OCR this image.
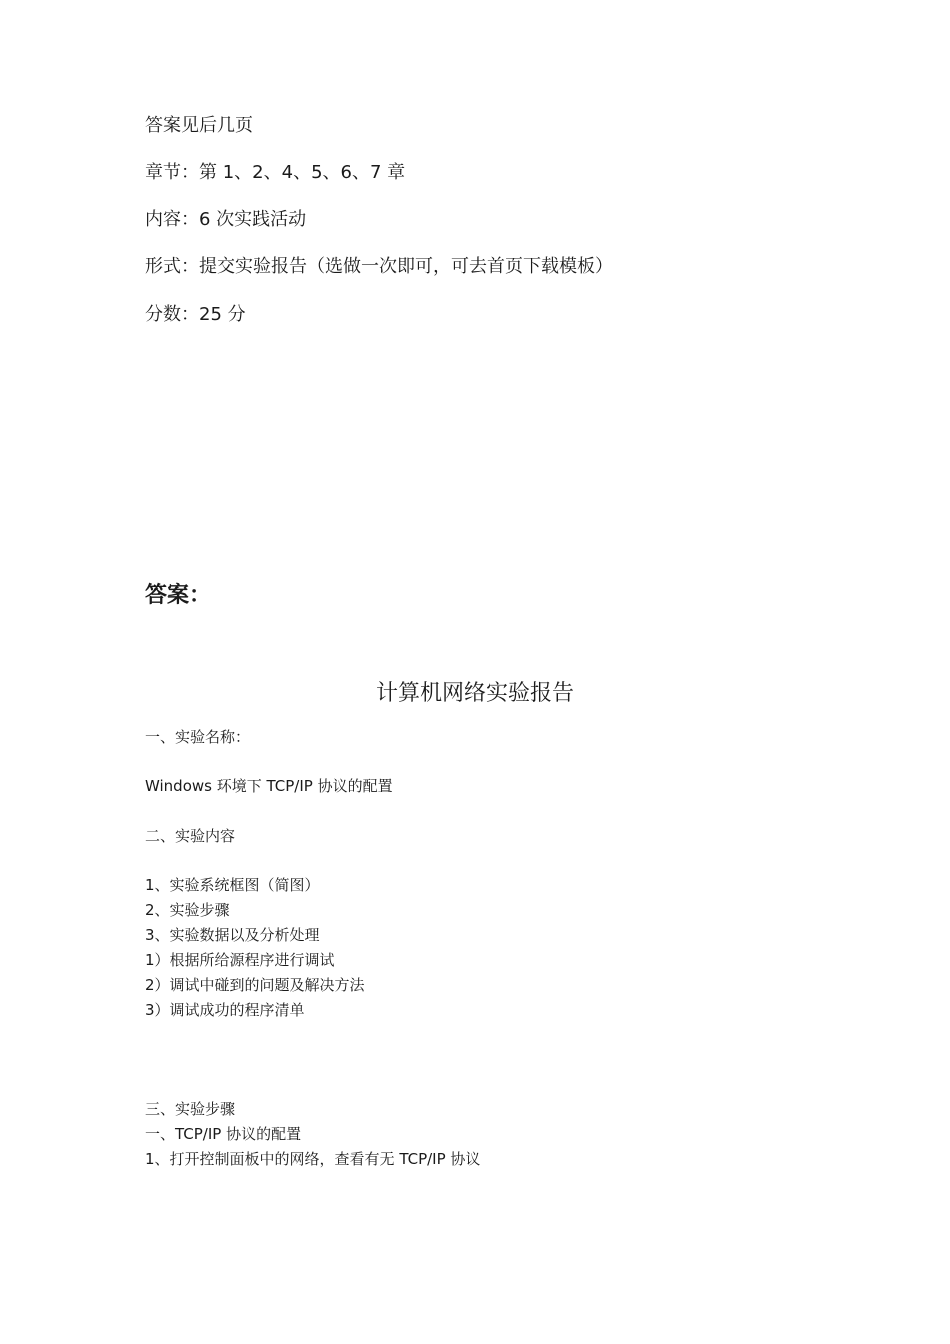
答案见后几页
章节：第 1、2、4、5、6、7 章
内容：6 次实践活动
形式：提交实验报告（选做一次即可，可去首页下载模板）
分数：25 分
答案：
计算机网络实验报告
一、实验名称：
Windows 环境下 TCP/IP 协议的配置
二、实验内容
1、实验系统框图（简图）
2、实验步骤
3、实验数据以及分析处理
1）根据所给源程序进行调试
2）调试中碰到的问题及解决方法
3）调试成功的程序清单
三、实验步骤
一、TCP/IP 协议的配置
1、打开控制面板中的网络，查看有无 TCP/IP 协议
